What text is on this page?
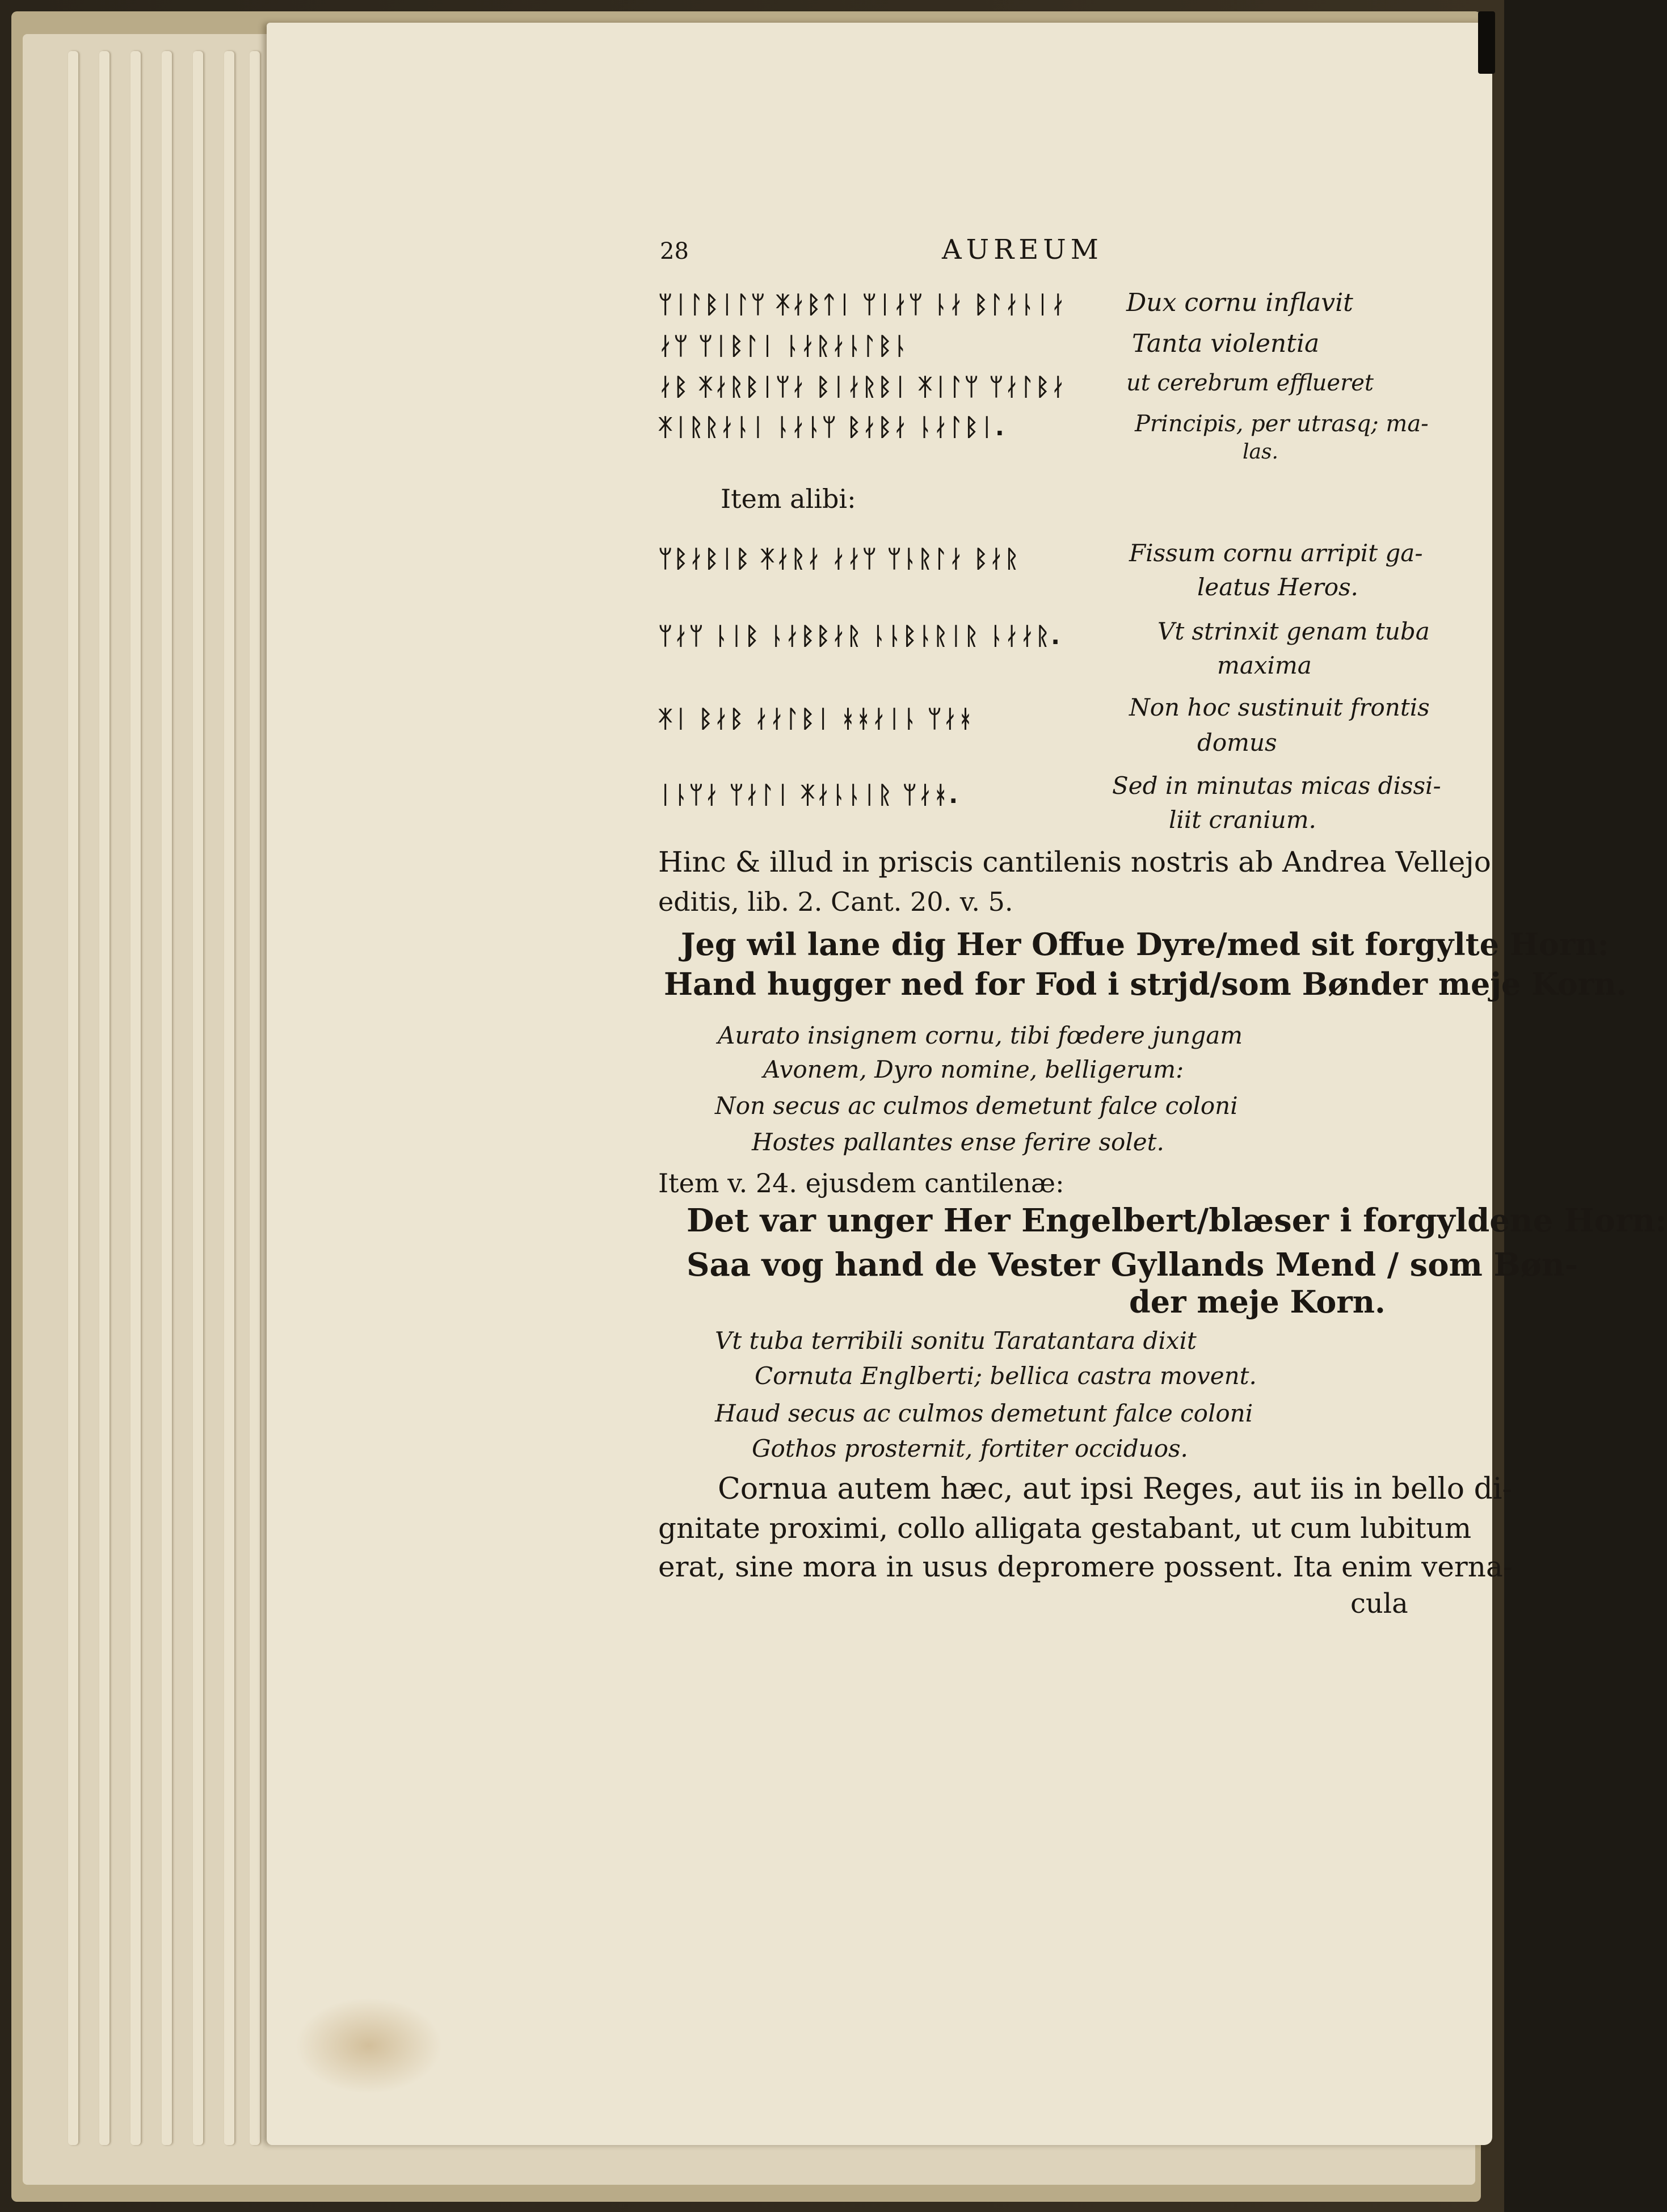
28	AUREUM
ᛘᛁᛚᛒᛁᛚᛘ ᛡᛅᛒᛏᛁ ᛘᛁᛅᛘ ᚿᛅ ᛒᛚᛅᚿᛁᛅ Dux cornu inflavit
ᛅᛘ ᛘᛁᛒᛚᛁ ᚿᛅᚱᛅᚿᛚᛒᚿ	Tanta violentia
ᛅᛒ ᛡᛅᚱᛒᛁᛘᛅ ᛒᛁᛅᚱᛒᛁ ᛡᛁᛚᛘ ᛘᛅᛚᛒᛅ	ut cerebrum efflueret
ᛡᛁᚱᚱᛅᚿᛁ ᚿᛅᚿᛘ ᛒᛅᛒᛅ ᚿᛅᛚᛒᛁ.	Principis, per utrasq; ma-
las.
Item alibi:
ᛘᛒᛅᛒᛁᛒ ᛡᛅᚱᛅ ᛅᛅᛘ ᛘᚿᚱᛚᛅ ᛒᛅᚱ	Fissum cornu arripit ga-
leatus Heros.
ᛘᛅᛘ ᚿᛁᛒ ᚿᛅᛒᛒᛅᚱ ᚿᚿᛒᚿᚱᛁᚱ ᚿᛅᛅᚱ.	Vt strinxit genam tuba
maxima
ᛡᛁ ᛒᛅᛒ ᛅᛅᛚᛒᛁ ᚼᚼᛅᛁᚿ ᛘᛅᚼ	Non hoc sustinuit frontis
domus
ᛁᚿᛘᛅ ᛘᛅᛚᛁ ᛡᛅᚿᚿᛁᚱ ᛘᛅᚼ.	Sed in minutas micas dissi-
liit cranium.
Hinc & illud in priscis cantilenis nostris ab Andrea Vellejo
editis, lib. 2. Cant. 20. v. 5.
Jeg wil lane dig Her Offue Dyre/med sit forgylte Horn:
Hand hugger ned for Fod i strjd/som Bønder meje Korn.
Aurato insignem cornu, tibi fœdere jungam
Avonem, Dyro nomine, belligerum:
Non secus ac culmos demetunt falce coloni
Hostes pallantes ense ferire solet.
Item v. 24. ejusdem cantilenæ:
Det var unger Her Engelbert/blæser i forgyldene Horn:
Saa vog hand de Vester Gyllands Mend / som Bøn-
der meje Korn.
Vt tuba terribili sonitu Taratantara dixit
Cornuta Englberti; bellica castra movent.
Haud secus ac culmos demetunt falce coloni
Gothos prosternit, fortiter occiduos.
Cornua autem hæc, aut ipsi Reges, aut iis in bello di-
gnitate proximi, collo alligata gestabant, ut cum lubitum
erat, sine mora in usus depromere possent. Ita enim verna-
cula
